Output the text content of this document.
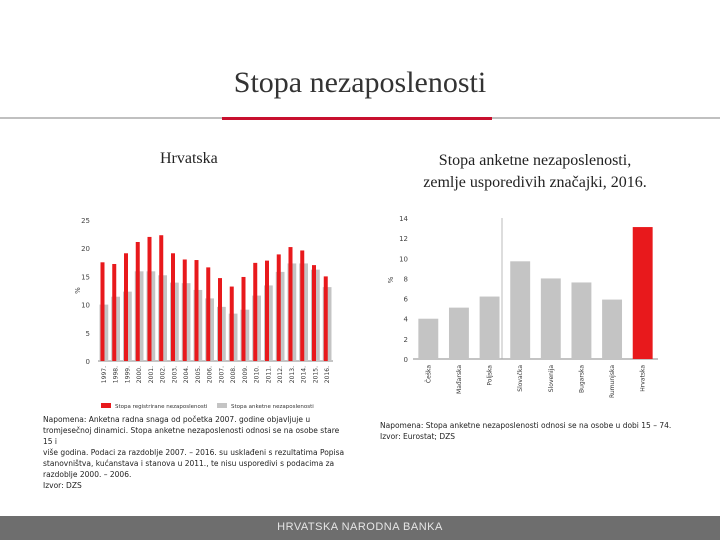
Stopa nezaposlenosti
Hrvatska	Stopa anketne nezaposlenosti,
zemlje usporedivih značajki, 2016.
0
5
10
15
20
25
%
1997. 1998. 1999. 2000. 2001. 2002. 2003. 2004. 2005. 2006. 2007. 2008. 2009. 2010. 2011. 2012. 2013. 2014. 2015. 2016.
Stopa registrirane nezaposlenosti	Stopa anketne nezaposlenosti
0
2
4
6
8
10
12
14
%
Češka	Mađarska	Poljska	Slovačka	Slovenija	Bugarska	Rumunjska	Hrvatska
Napomena: Anketna radna snaga od početka 2007. godine objavljuje u
tromjesečnoj dinamici. Stopa anketne nezaposlenosti odnosi se na osobe stare 15 i
više godina. Podaci za razdoblje 2007. – 2016. su usklađeni s rezultatima Popisa
stanovništva, kućanstava i stanova u 2011., te nisu usporedivi s podacima za
razdoblje 2000. – 2006.
Izvor: DZS
Napomena: Stopa anketne nezaposlenosti odnosi se na osobe u dobi 15 – 74.
Izvor: Eurostat; DZS
HRVATSKA NARODNA BANKA
